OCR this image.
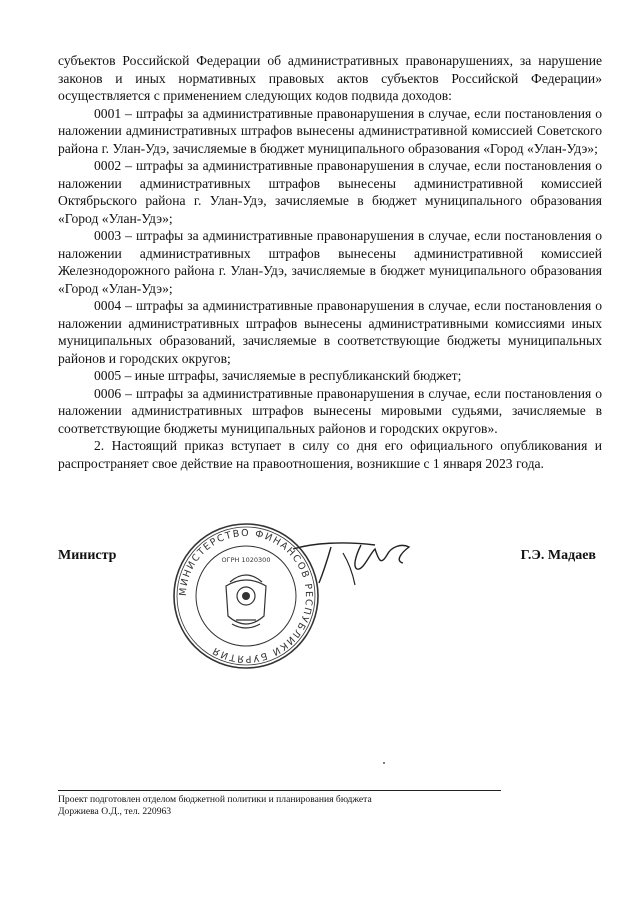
субъектов Российской Федерации об административных правонарушениях, за нарушение законов и иных нормативных правовых актов субъектов Российской Федерации» осуществляется с применением следующих кодов подвида доходов:

0001 – штрафы за административные правонарушения в случае, если постановления о наложении административных штрафов вынесены административной комиссией Советского района г. Улан-Удэ, зачисляемые в бюджет муниципального образования «Город «Улан-Удэ»;

0002 – штрафы за административные правонарушения в случае, если постановления о наложении административных штрафов вынесены административной комиссией Октябрьского района г. Улан-Удэ, зачисляемые в бюджет муниципального образования «Город «Улан-Удэ»;

0003 – штрафы за административные правонарушения в случае, если постановления о наложении административных штрафов вынесены административной комиссией Железнодорожного района г. Улан-Удэ, зачисляемые в бюджет муниципального образования «Город «Улан-Удэ»;

0004 – штрафы за административные правонарушения в случае, если постановления о наложении административных штрафов вынесены административными комиссиями иных муниципальных образований, зачисляемые в соответствующие бюджеты муниципальных районов и городских округов;

0005 – иные штрафы, зачисляемые в республиканский бюджет;

0006 – штрафы за административные правонарушения в случае, если постановления о наложении административных штрафов вынесены мировыми судьями, зачисляемые в соответствующие бюджеты муниципальных районов и городских округов».

2. Настоящий приказ вступает в силу со дня его официального опубликования и распространяет свое действие на правоотношения, возникшие с 1 января 2023 года.

Министр
МИНИСТЕРСТВО ФИНАНСОВ РЕСПУБЛИКИ БУРЯТИЯ
ОГРН 1020300	Г.Э. Мадаев

Проект подготовлен отделом бюджетной политики и планирования бюджета

Доржиева О.Д., тел. 220963
